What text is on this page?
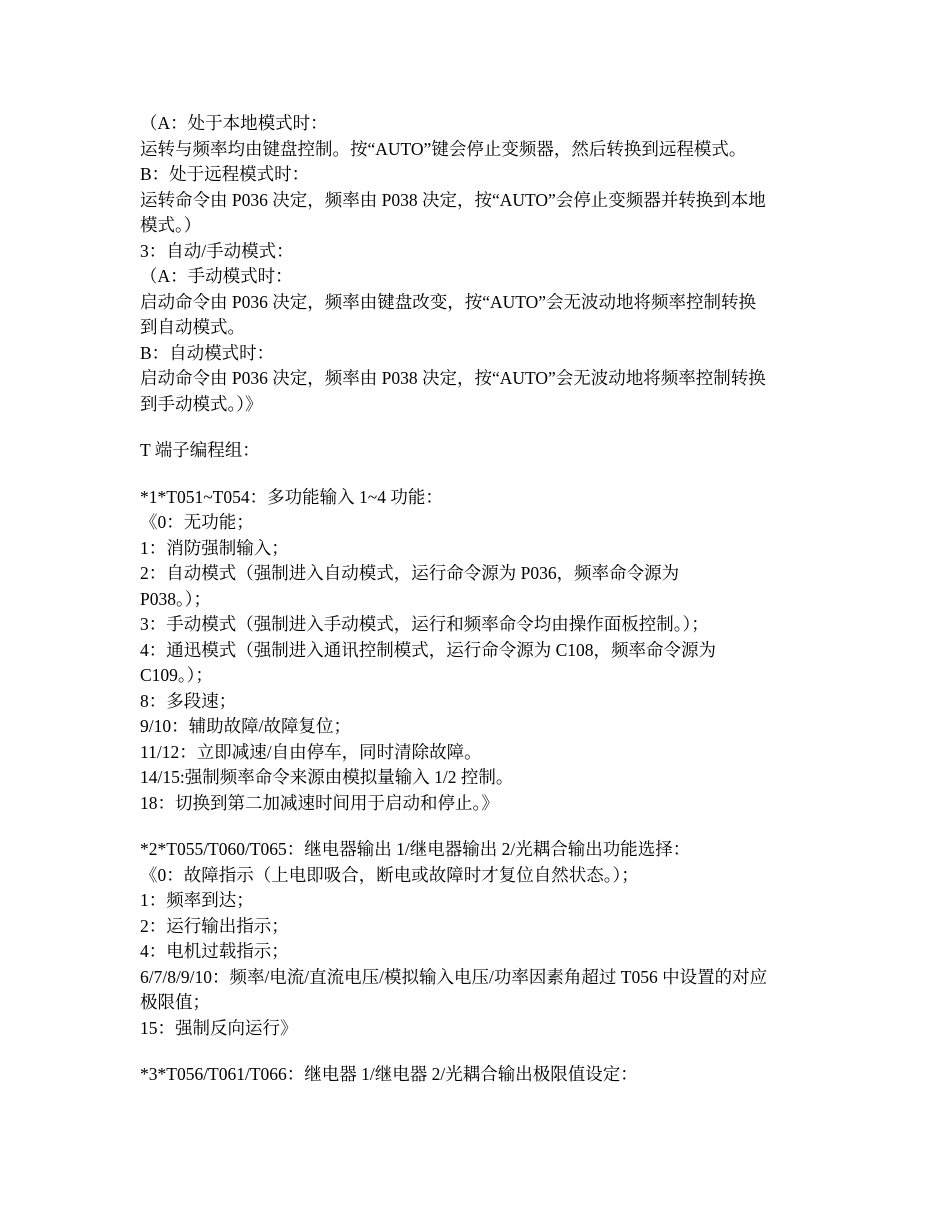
（A：处于本地模式时：
运转与频率均由键盘控制。按“AUTO”键会停止变频器，然后转换到远程模式。
B：处于远程模式时：
运转命令由 P036 决定，频率由 P038 决定，按“AUTO”会停止变频器并转换到本地
模式。）
3：自动/手动模式：
（A：手动模式时：
启动命令由 P036 决定，频率由键盘改变，按“AUTO”会无波动地将频率控制转换
到自动模式。
B：自动模式时：
启动命令由 P036 决定，频率由 P038 决定，按“AUTO”会无波动地将频率控制转换
到手动模式。）》
T 端子编程组：
*1*T051~T054：多功能输入 1~4 功能：
《0：无功能；
1：消防强制输入；
2：自动模式（强制进入自动模式，运行命令源为 P036，频率命令源为
P038。）；
3：手动模式（强制进入手动模式，运行和频率命令均由操作面板控制。）；
4：通迅模式（强制进入通讯控制模式，运行命令源为 C108，频率命令源为
C109。）；
8：多段速；
9/10：辅助故障/故障复位；
11/12：立即减速/自由停车，同时清除故障。
14/15:强制频率命令来源由模拟量输入 1/2 控制。
18：切换到第二加减速时间用于启动和停止。》
*2*T055/T060/T065：继电器输出 1/继电器输出 2/光耦合输出功能选择：
《0：故障指示（上电即吸合，断电或故障时才复位自然状态。）；
1：频率到达；
2：运行输出指示；
4：电机过载指示；
6/7/8/9/10：频率/电流/直流电压/模拟输入电压/功率因素角超过 T056 中设置的对应
极限值；
15：强制反向运行》
*3*T056/T061/T066：继电器 1/继电器 2/光耦合输出极限值设定：
